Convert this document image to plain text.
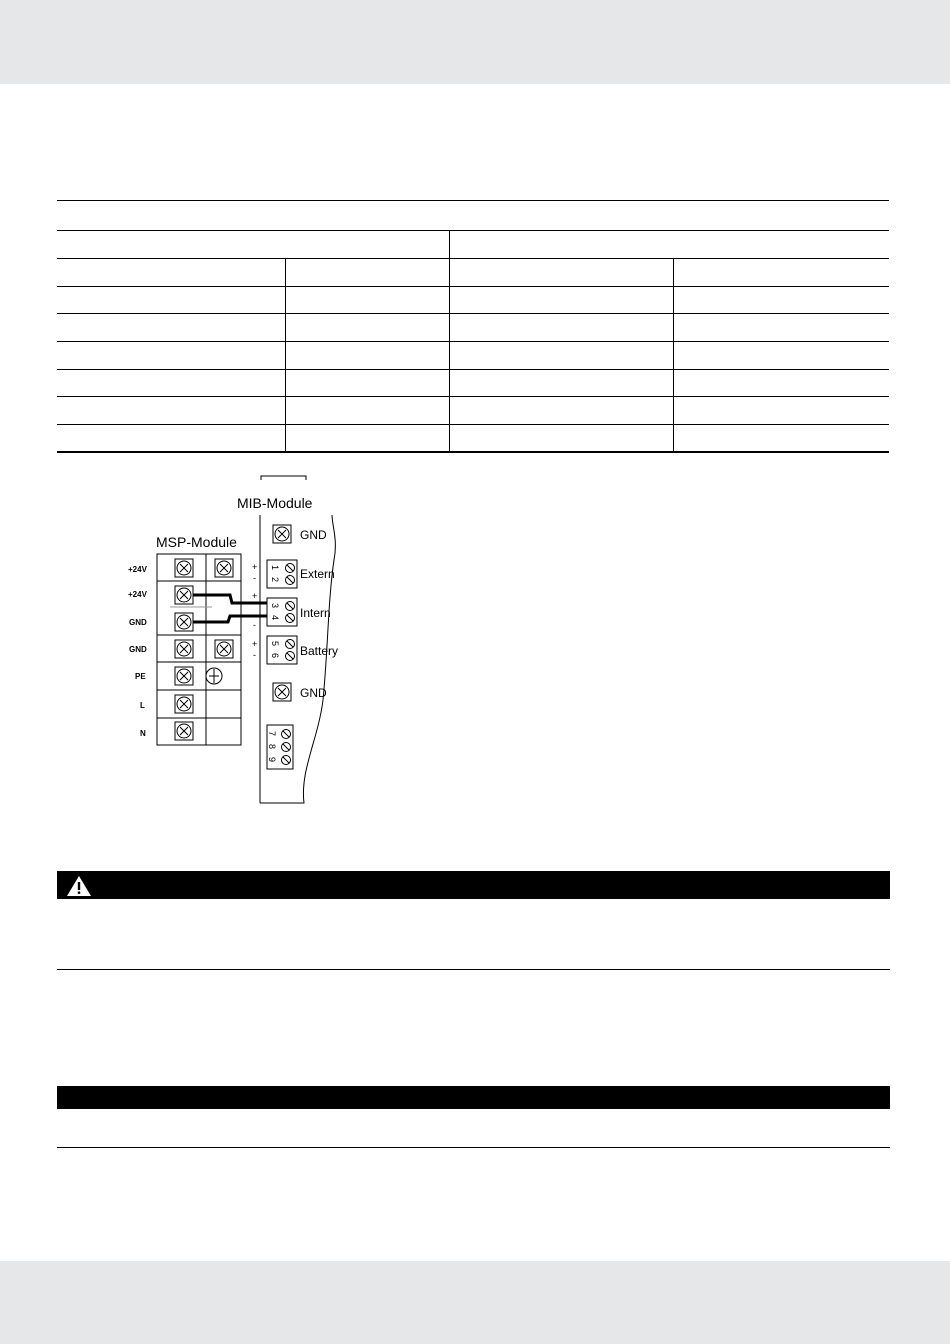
MIB-Module
GND
1
2 Extern
3
4 Intern
5
6 Battery
GND
7
8
9
+
-
+
-
+
-
MSP-Module
+24V
+24V
GND
GND
PE
L
N
